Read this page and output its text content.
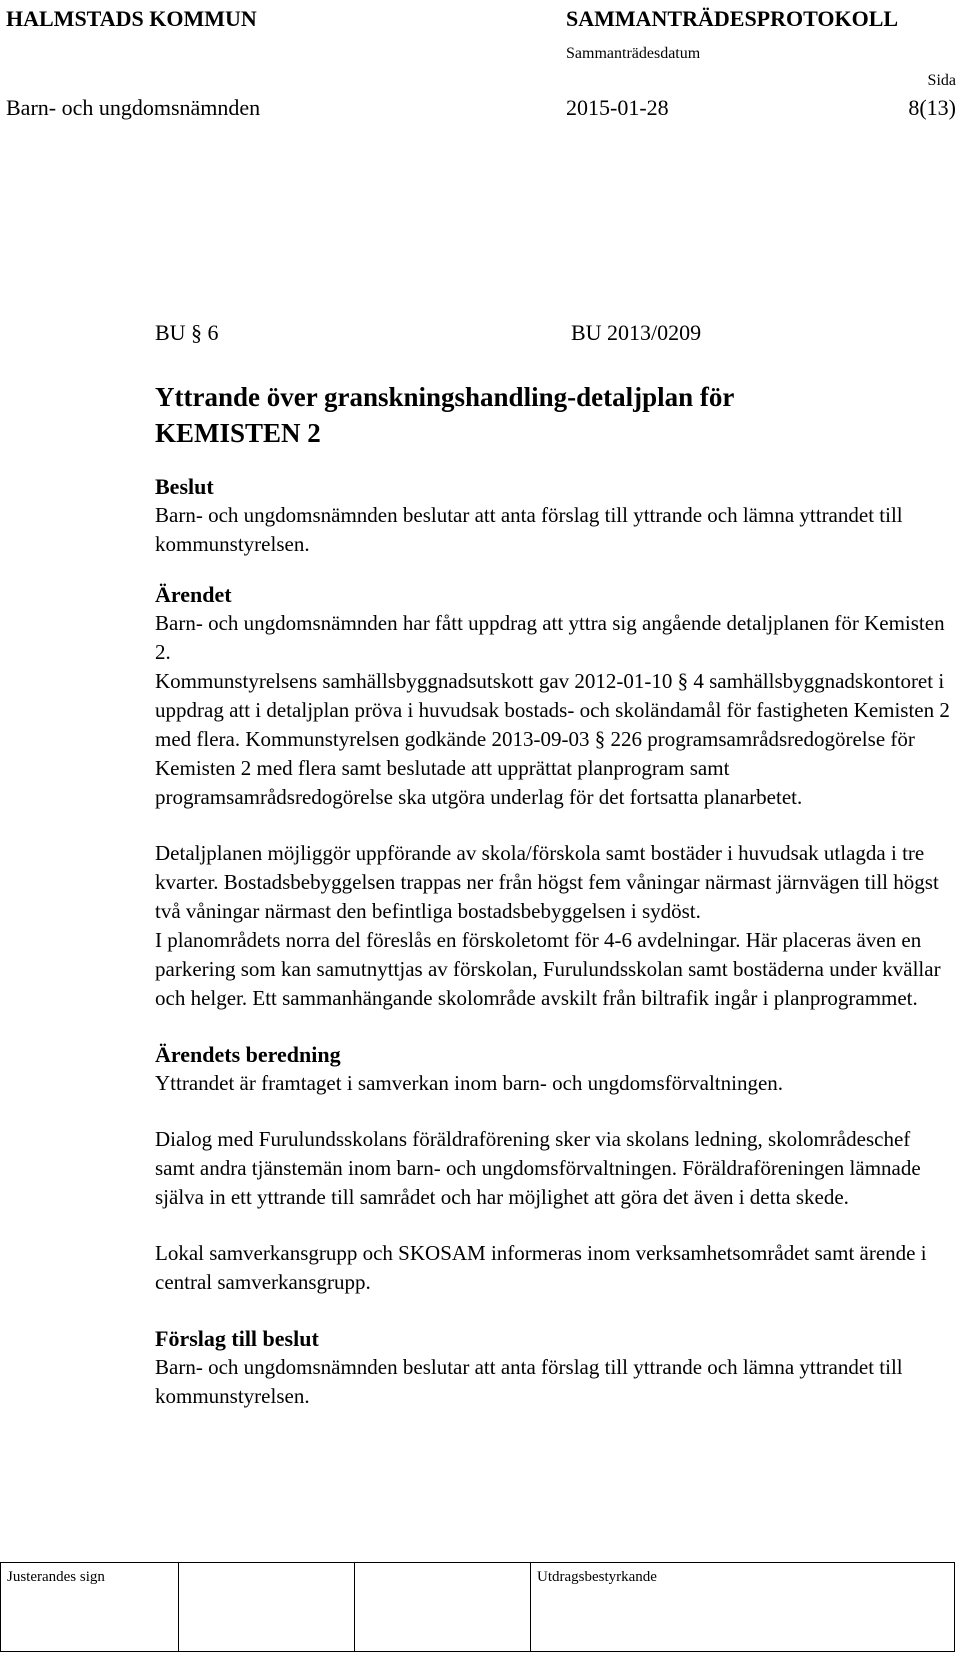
HALMSTADS KOMMUN	SAMMANTRÄDESPROTOKOLL
Sammanträdesdatum
Sida
Barn- och ungdomsnämnden	2015-01-28	8(13)
BU § 6	BU 2013/0209
Yttrande över granskningshandling-detaljplan för
KEMISTEN 2
Beslut

Barn- och ungdomsnämnden beslutar att anta förslag till yttrande och lämna yttrandet till kommunstyrelsen.

Ärendet

Barn- och ungdomsnämnden har fått uppdrag att yttra sig angående detaljplanen för Kemisten 2.

Kommunstyrelsens samhällsbyggnadsutskott gav 2012-01-10 § 4 samhällsbyggnadskontoret i uppdrag att i detaljplan pröva i huvudsak bostads- och skoländamål för fastigheten Kemisten 2 med flera. Kommunstyrelsen godkände 2013-09-03 § 226 programsamrådsredogörelse för Kemisten 2 med flera samt beslutade att upprättat planprogram samt programsamrådsredogörelse ska utgöra underlag för det fortsatta planarbetet.

Detaljplanen möjliggör uppförande av skola/förskola samt bostäder i huvudsak utlagda i tre kvarter. Bostadsbebyggelsen trappas ner från högst fem våningar närmast järnvägen till högst två våningar närmast den befintliga bostadsbebyggelsen i sydöst.

I planområdets norra del föreslås en förskoletomt för 4-6 avdelningar. Här placeras även en parkering som kan samutnyttjas av förskolan, Furulundsskolan samt bostäderna under kvällar och helger. Ett sammanhängande skolområde avskilt från biltrafik ingår i planprogrammet.

Ärendets beredning

Yttrandet är framtaget i samverkan inom barn- och ungdomsförvaltningen.

Dialog med Furulundsskolans föräldraförening sker via skolans ledning, skolområdeschef samt andra tjänstemän inom barn- och ungdomsförvaltningen. Föräldraföreningen lämnade själva in ett yttrande till samrådet och har möjlighet att göra det även i detta skede.

Lokal samverkansgrupp och SKOSAM informeras inom verksamhetsområdet samt ärende i central samverkansgrupp.

Förslag till beslut

Barn- och ungdomsnämnden beslutar att anta förslag till yttrande och lämna yttrandet till kommunstyrelsen.

Justerandes sign	Utdragsbestyrkande
